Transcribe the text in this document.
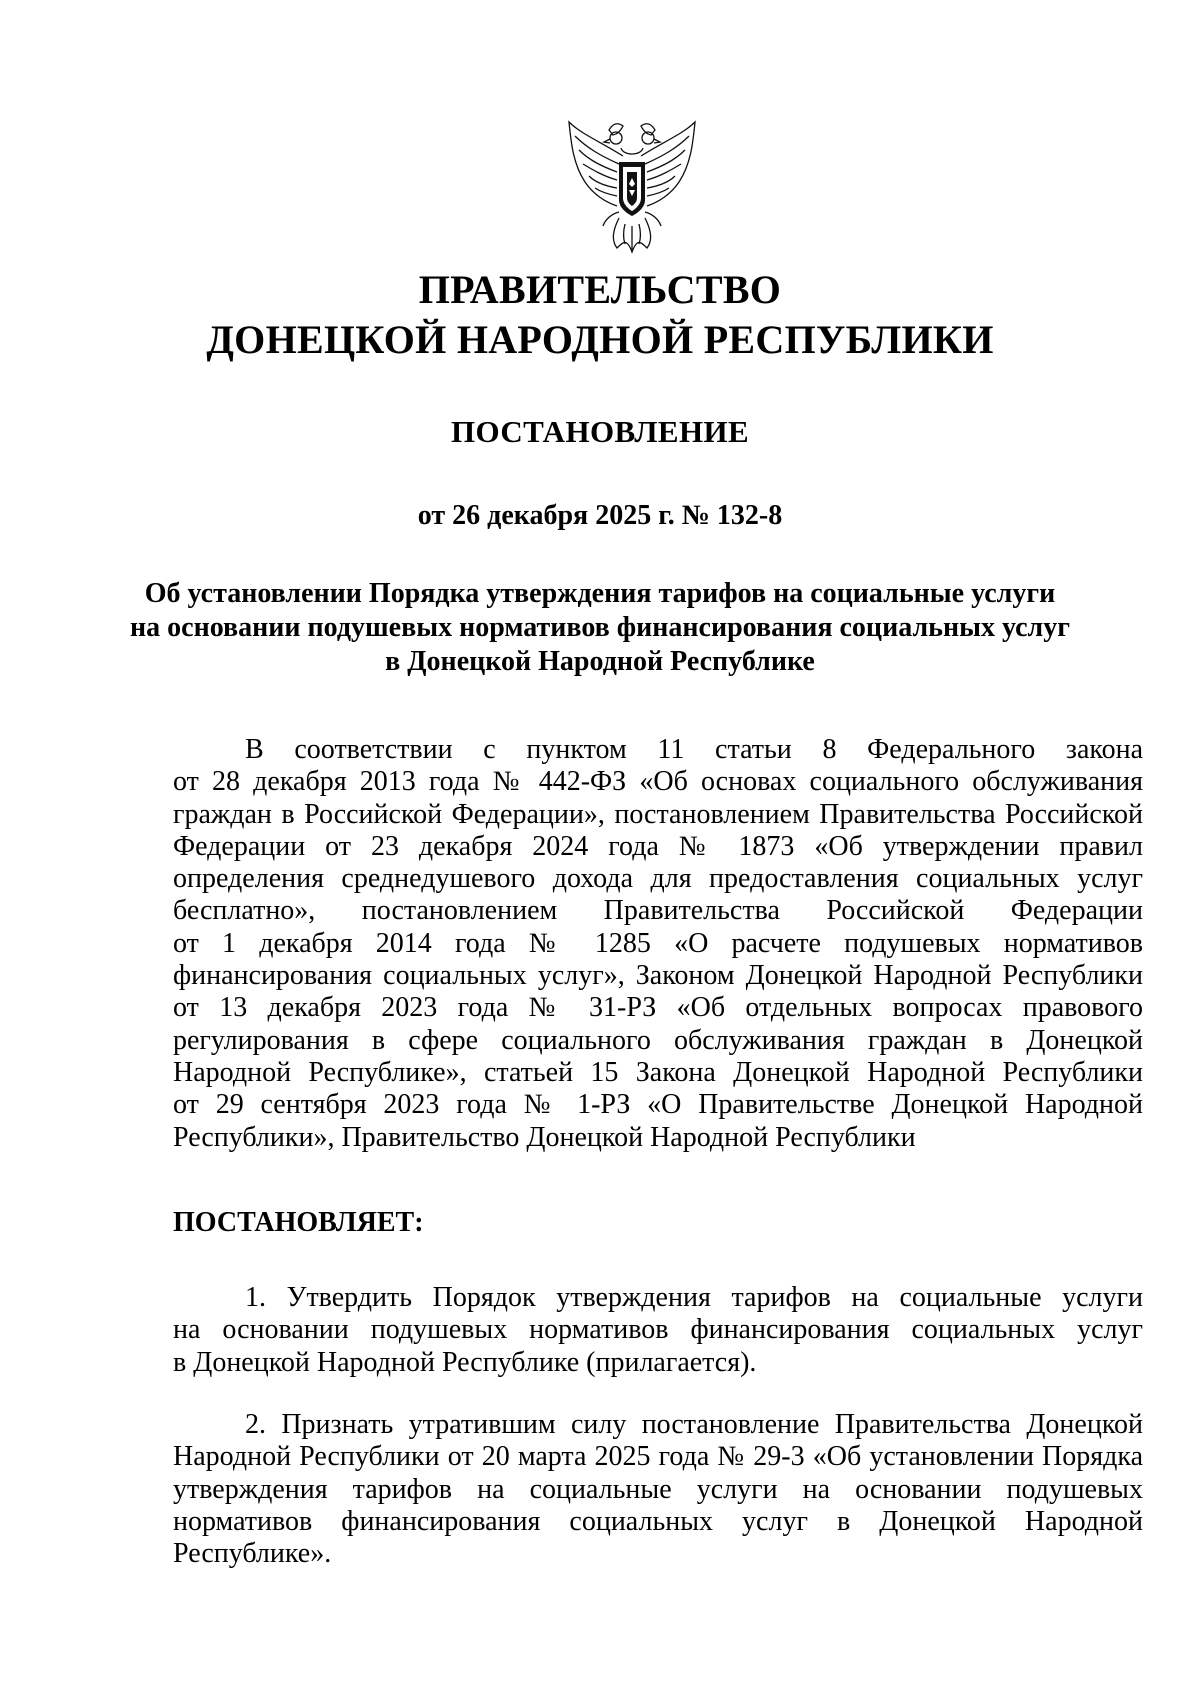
ПРАВИТЕЛЬСТВО
ДОНЕЦКОЙ НАРОДНОЙ РЕСПУБЛИКИ
ПОСТАНОВЛЕНИЕ
от 26 декабря 2025 г. № 132-8
Об установлении Порядка утверждения тарифов на социальные услуги
на основании подушевых нормативов финансирования социальных услуг
в Донецкой Народной Республике
В соответствии с пунктом 11 статьи 8 Федерального закона
от 28 декабря 2013 года № 442-ФЗ «Об основах социального обслуживания
граждан в Российской Федерации», постановлением Правительства Российской
Федерации от 23 декабря 2024 года № 1873 «Об утверждении правил
определения среднедушевого дохода для предоставления социальных услуг
бесплатно», постановлением Правительства Российской Федерации
от 1 декабря 2014 года № 1285 «О расчете подушевых нормативов
финансирования социальных услуг», Законом Донецкой Народной Республики
от 13 декабря 2023 года № 31-РЗ «Об отдельных вопросах правового
регулирования в сфере социального обслуживания граждан в Донецкой
Народной Республике», статьей 15 Закона Донецкой Народной Республики
от 29 сентября 2023 года № 1-РЗ «О Правительстве Донецкой Народной
Республики», Правительство Донецкой Народной Республики
ПОСТАНОВЛЯЕТ:
1. Утвердить Порядок утверждения тарифов на социальные услуги
на основании подушевых нормативов финансирования социальных услуг
в Донецкой Народной Республике (прилагается).
2. Признать утратившим силу постановление Правительства Донецкой
Народной Республики от 20 марта 2025 года № 29-3 «Об установлении Порядка
утверждения тарифов на социальные услуги на основании подушевых
нормативов финансирования социальных услуг в Донецкой Народной
Республике».
